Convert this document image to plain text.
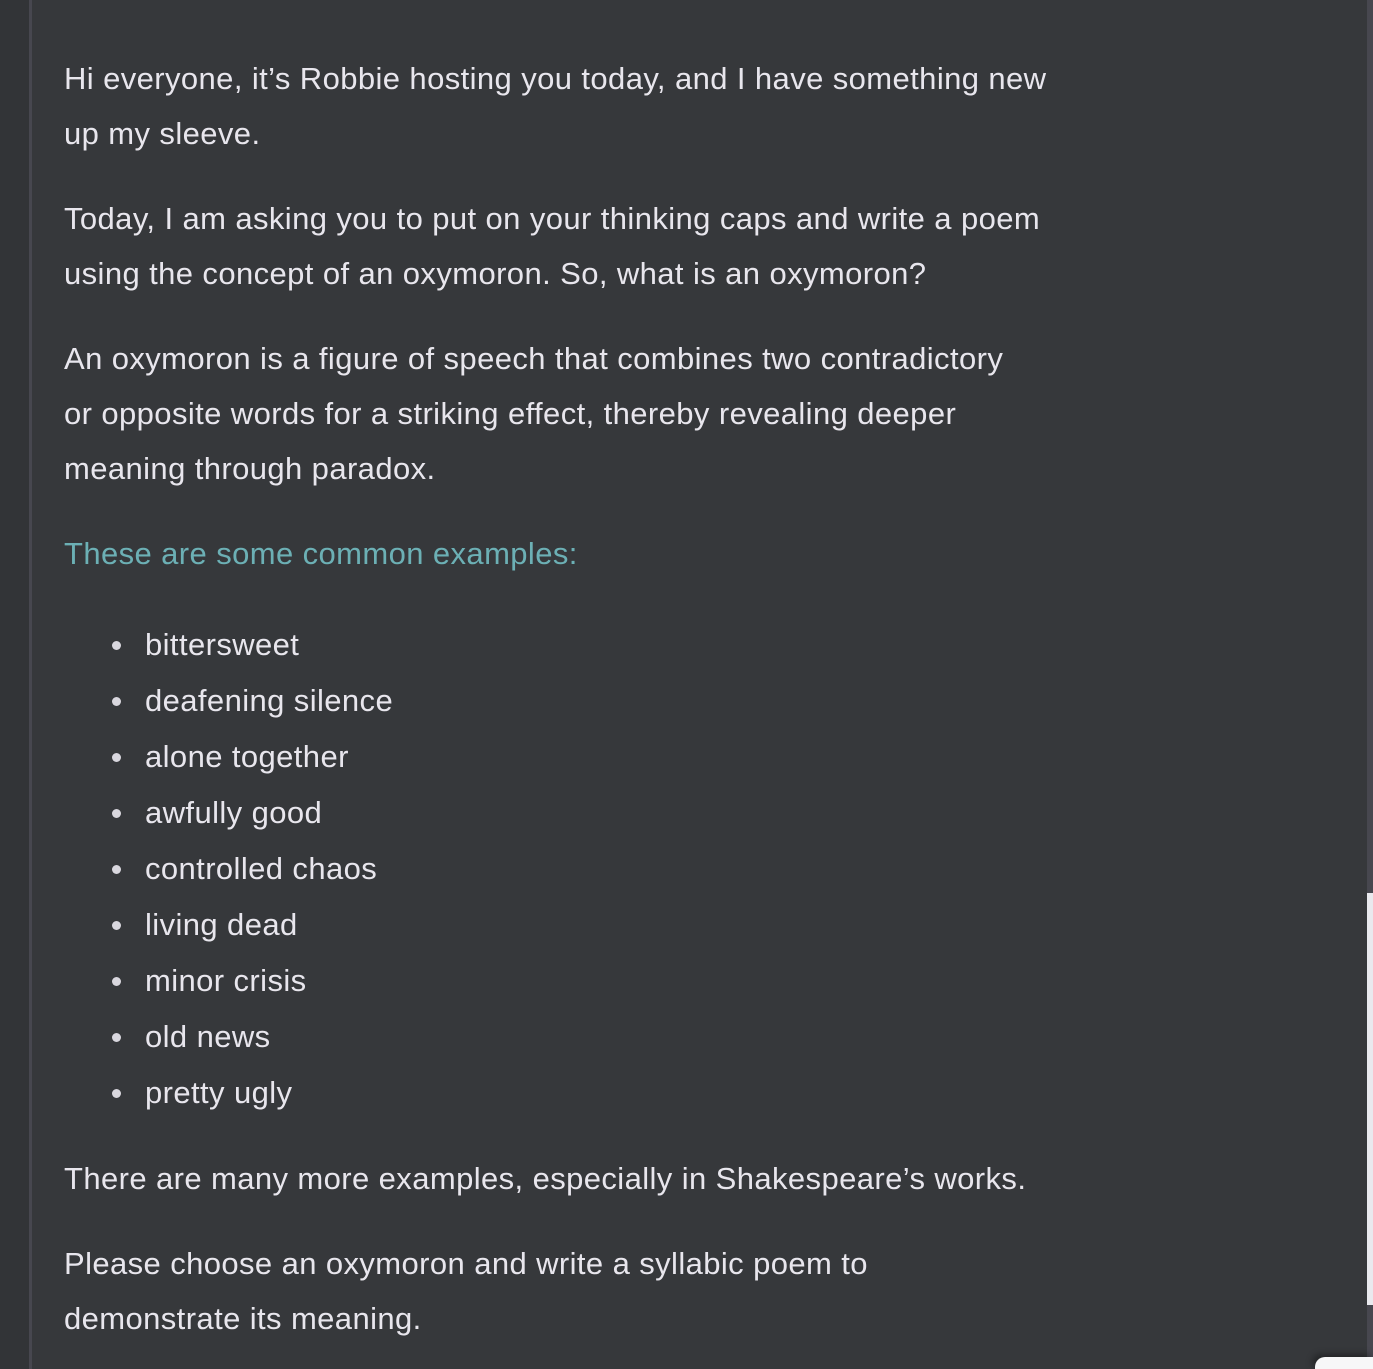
Hi everyone, it’s Robbie hosting you today, and I have something new
up my sleeve.

Today, I am asking you to put on your thinking caps and write a poem
using the concept of an oxymoron. So, what is an oxymoron?

An oxymoron is a figure of speech that combines two contradictory
or opposite words for a striking effect, thereby revealing deeper
meaning through paradox.

These are some common examples:

bittersweet
deafening silence
alone together
awfully good
controlled chaos
living dead
minor crisis
old news
pretty ugly

There are many more examples, especially in Shakespeare’s works.

Please choose an oxymoron and write a syllabic poem to
demonstrate its meaning.
